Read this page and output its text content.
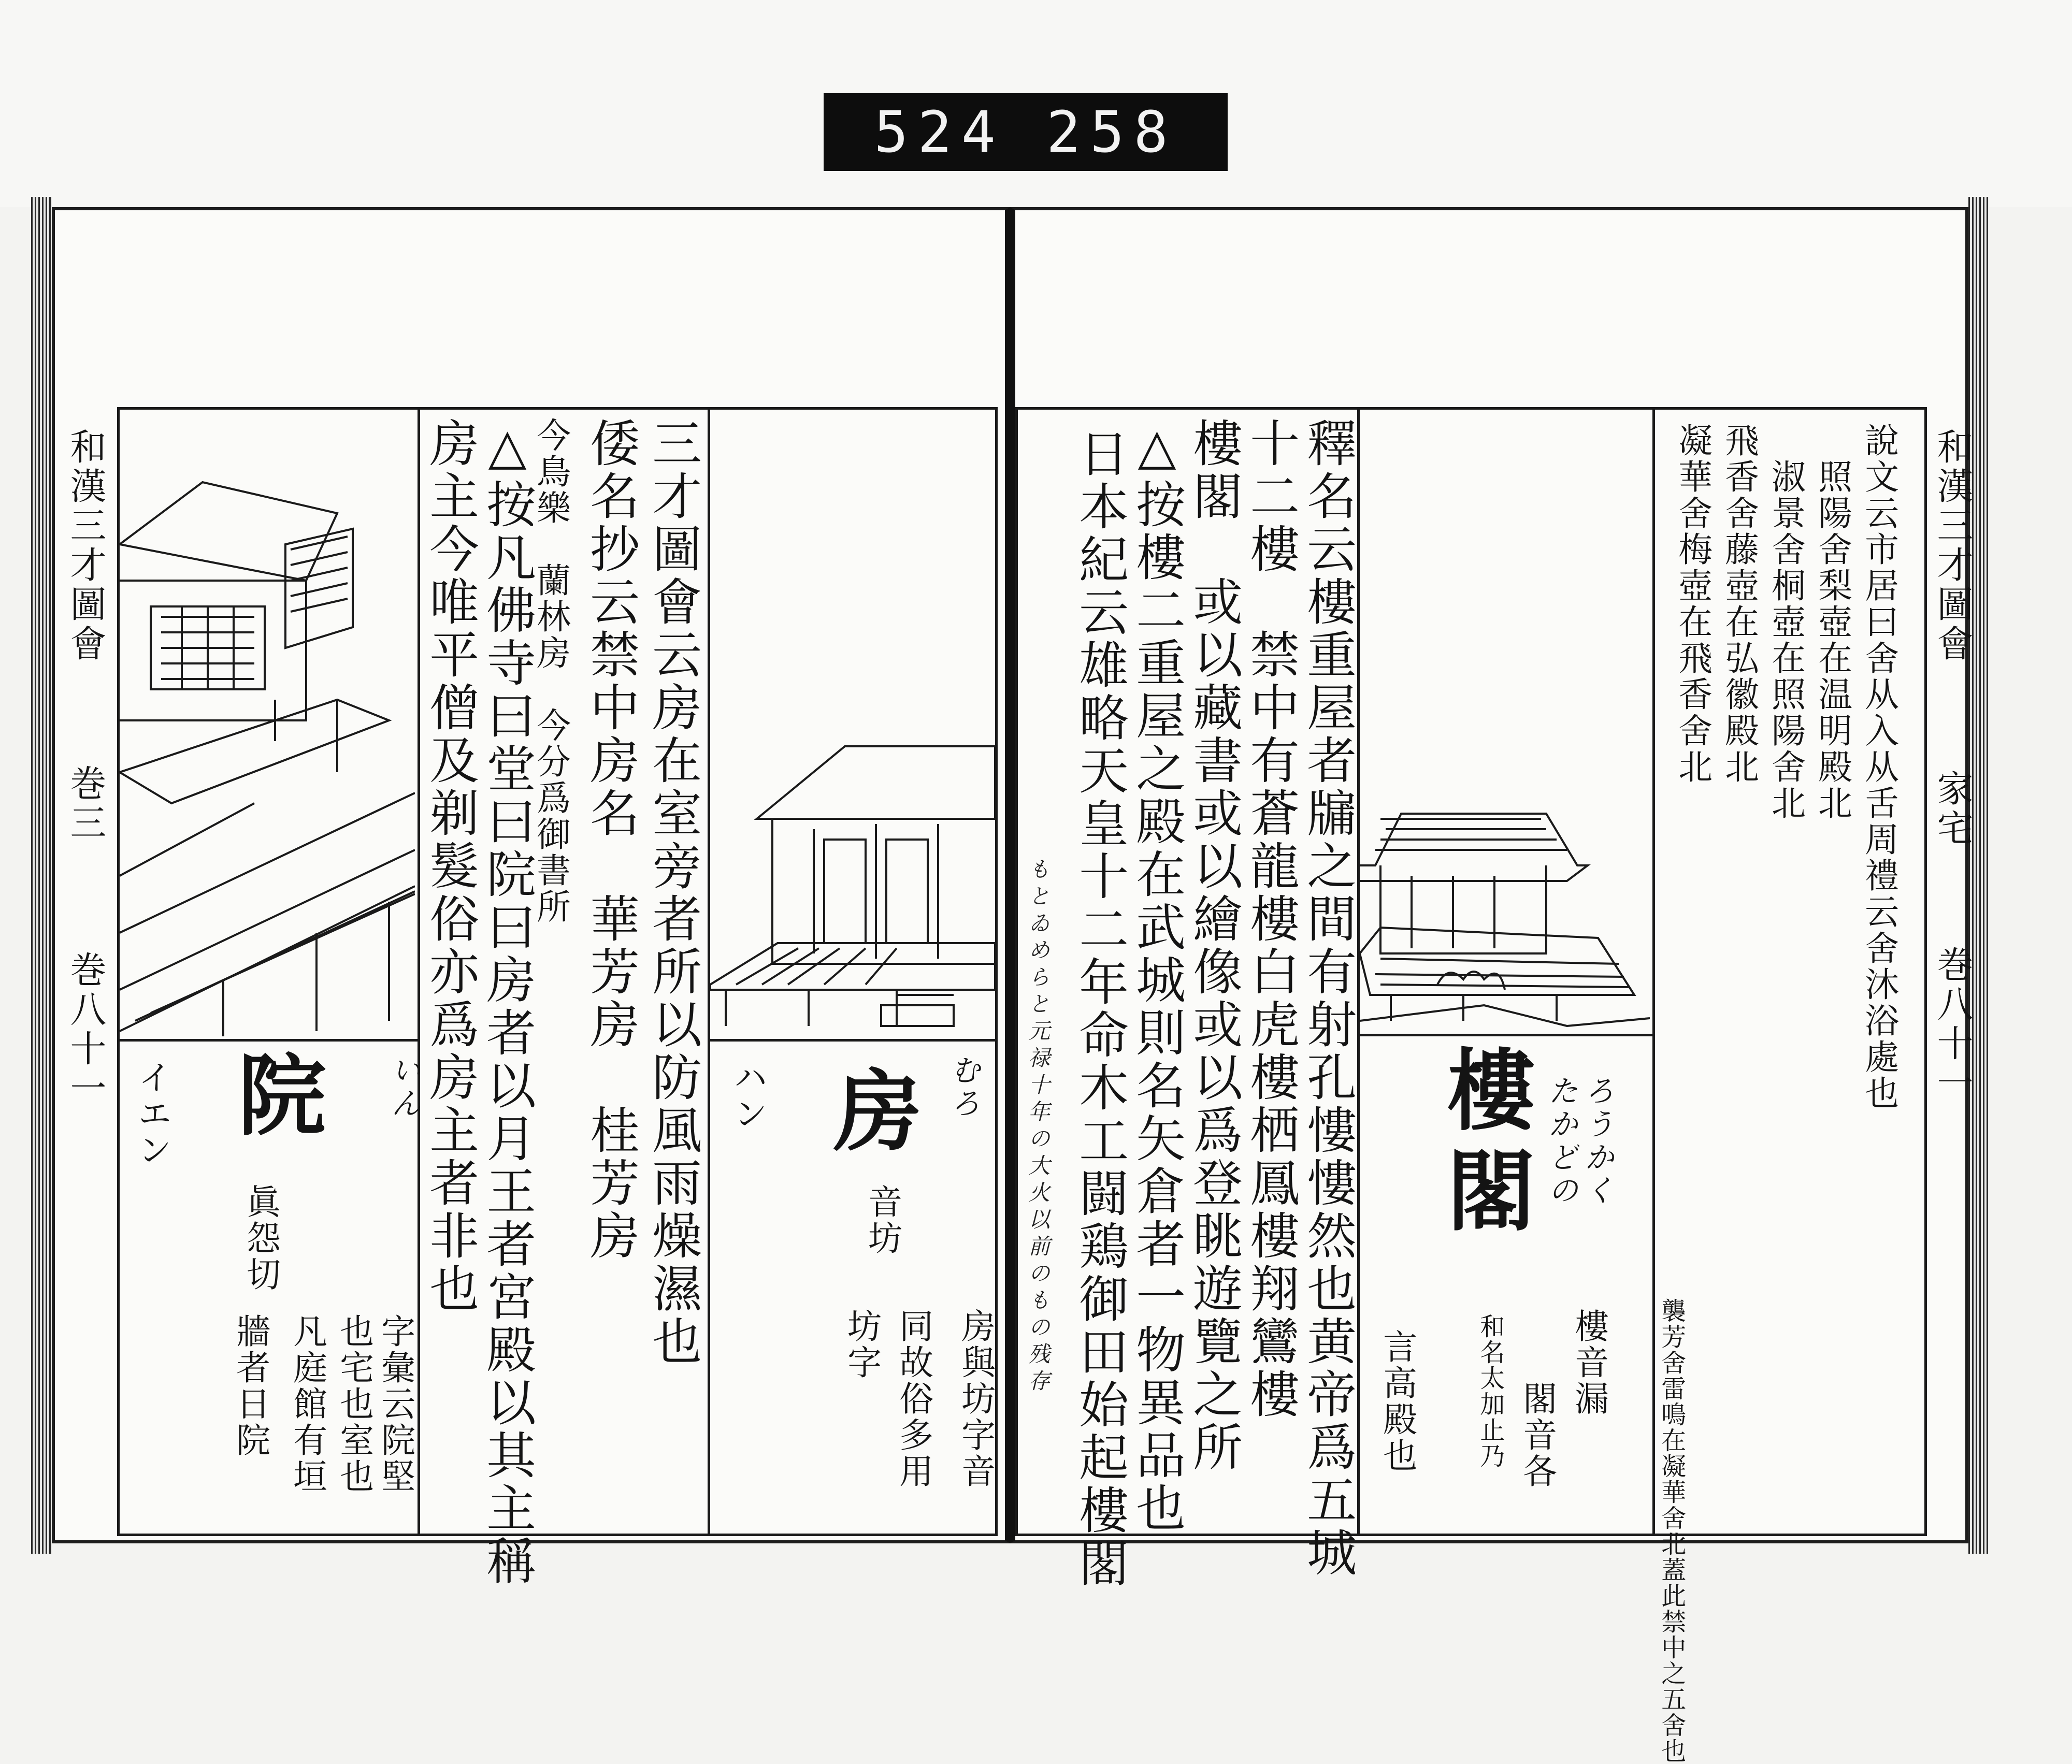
524 258
和漢三才圖會
巻三
巻八十一	いん
イエン 院
眞怨切
字彙云院堅
也宅也室也
凡庭館有垣
牆者日院
三才圖會云房在室旁者所以防風雨燥濕也
倭名抄云禁中房名　華芳房　桂芳房
今鳥樂　蘭林房　今分爲御書所
△按凡佛寺曰堂曰院曰房者以月王者宮殿以其主稱
房主今唯平僧及剃髮俗亦爲房主者非也	むろ
ハン 房
音坊
房與坊字音
同故俗多用
坊字	釋名云樓重屋者牖之間有射孔慺慺然也黄帝爲五城
十二樓　禁中有蒼龍樓白虎樓栖鳳樓翔鸞樓
樓閣　或以藏書或以繪像或以爲登眺遊覽之所
△按樓二重屋之殿在武城則名矢倉者一物異品也
日本紀云雄略天皇十二年命木工闘鶏御田始起樓閣
もとゐめらと元禄十年の大火以前のもの残存	ろうかく
たかどの
樓閣
樓音漏
閣音各
和名太加止乃
言高殿也
說文云市居曰舍从入从舌周禮云舍沐浴處也
照陽舍梨壺在温明殿北
淑景舍桐壺在照陽舍北
飛香舍藤壺在弘徽殿北
凝華舍梅壺在飛香舍北
襲芳舍雷鳴在凝華舍北蓋此禁中之五舍也
和漢三才圖會
家宅
巻八十一
